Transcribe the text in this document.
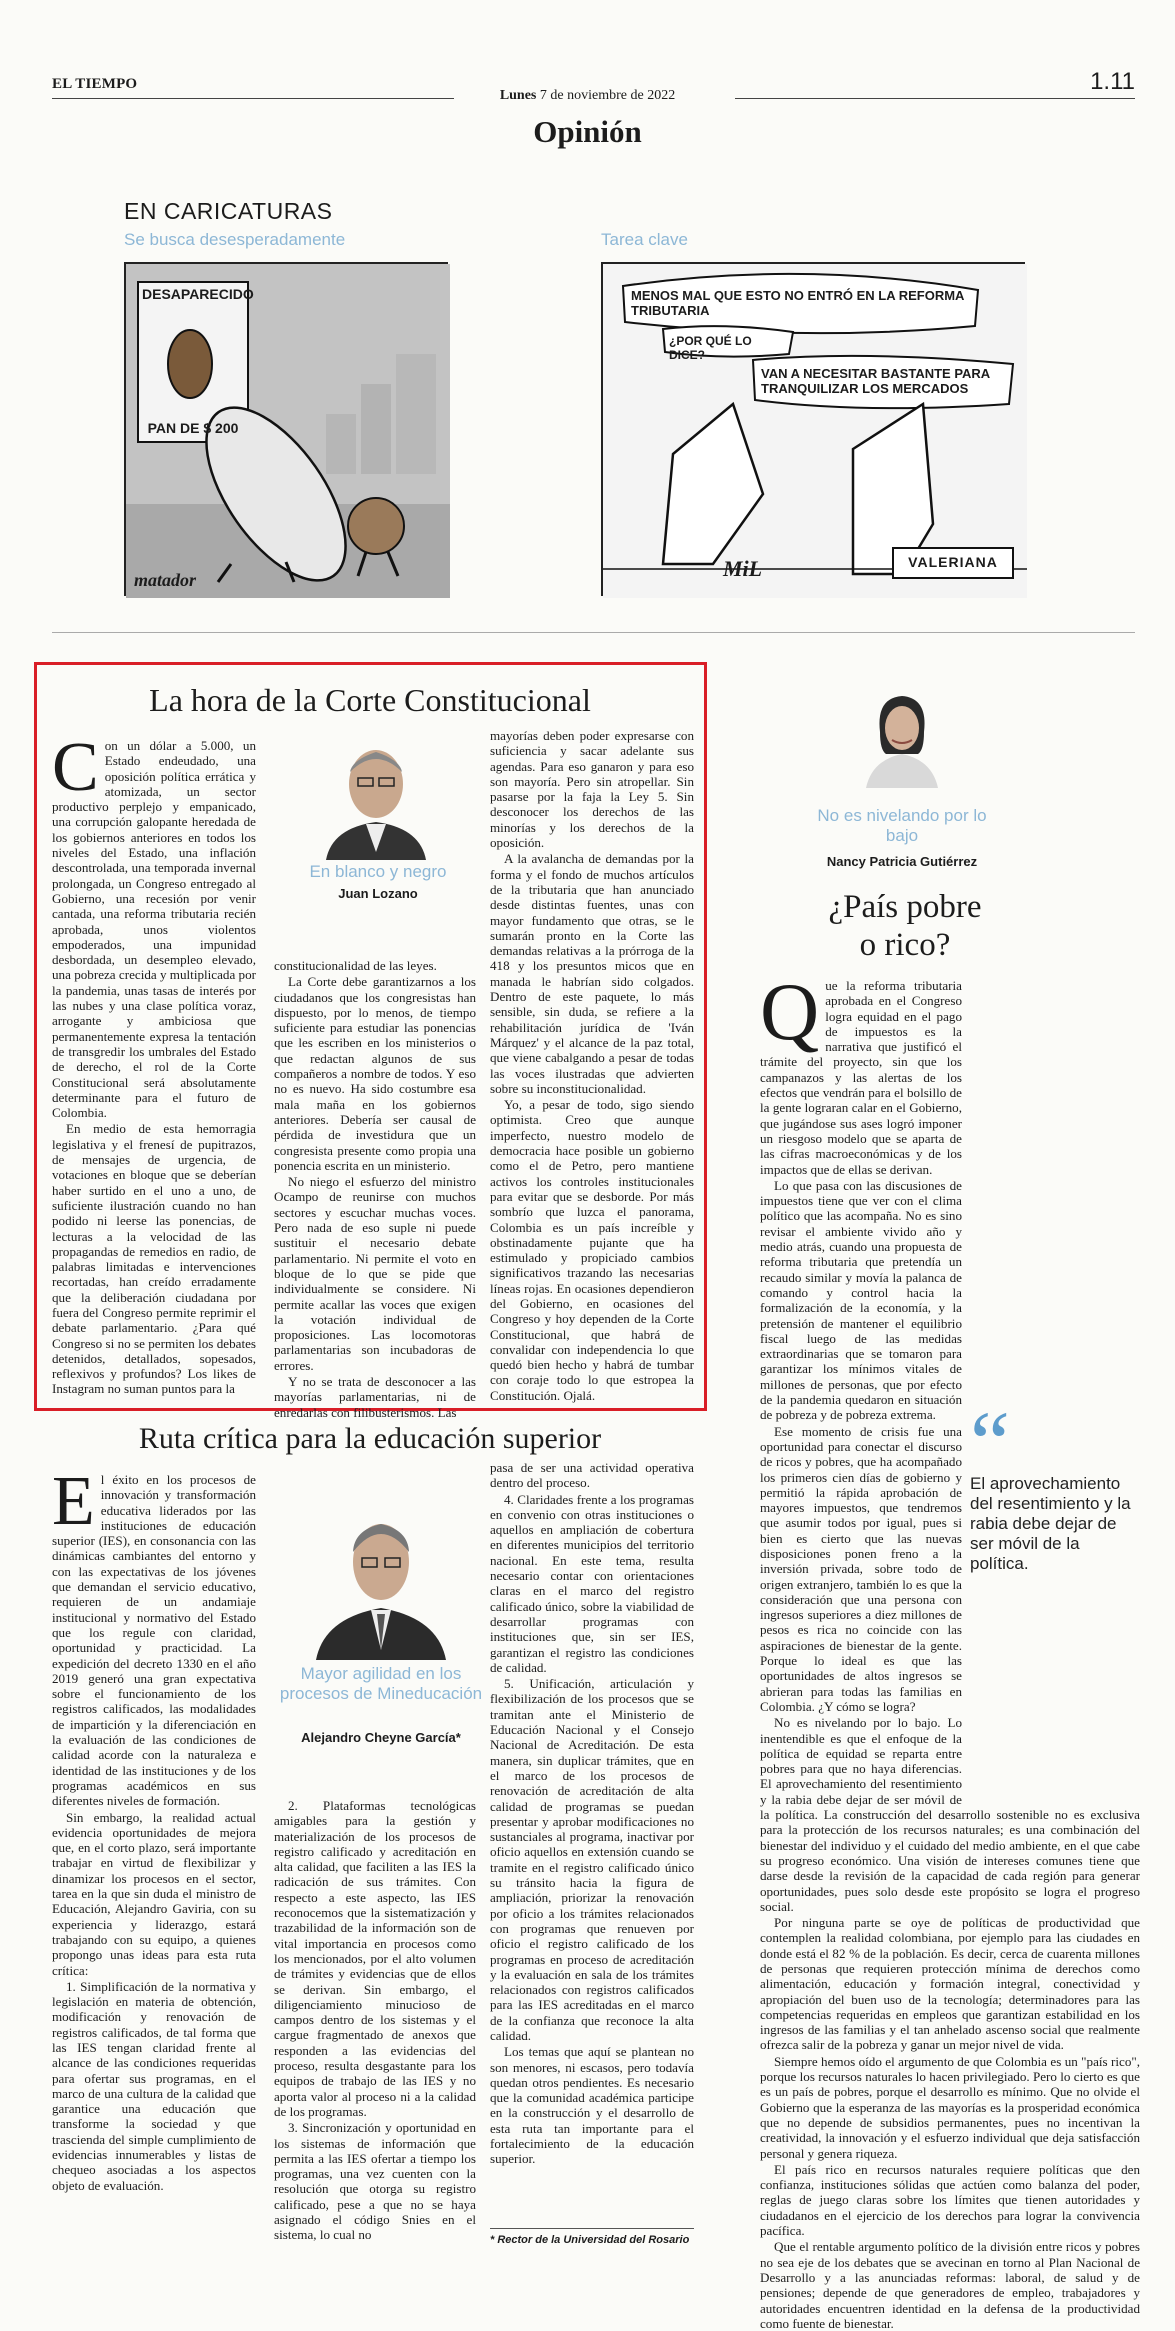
EL TIEMPO	1.11
Lunes 7 de noviembre de 2022
Opinión
EN CARICATURAS
Se busca desesperadamente	Tarea clave
DESAPARECIDO
PAN DE $ 200
matador
MENOS MAL QUE ESTO NO ENTRÓ EN LA REFORMA TRIBUTARIA
¿POR QUÉ LO DICE?
VAN A NECESITAR BASTANTE PARA TRANQUILIZAR LOS MERCADOS
VALERIANA
MiL
La hora de la Corte Constitucional

Con un dólar a 5.000, un Estado endeudado, una oposición política errática y atomizada, un sector productivo perplejo y empanicado, una corrupción galopante heredada de los gobiernos anteriores en todos los niveles del Estado, una inflación descontrolada, una temporada invernal prolongada, un Congreso entregado al Gobierno, una recesión por venir cantada, una reforma tributaria recién aprobada, unos violentos empoderados, una impunidad desbordada, un desempleo elevado, una pobreza crecida y multiplicada por la pandemia, unas tasas de interés por las nubes y una clase política voraz, arrogante y ambiciosa que permanentemente expresa la tentación de transgredir los umbrales del Estado de derecho, el rol de la Corte Constitucional será absolutamente determinante para el futuro de Colombia.

En medio de esta hemorragia legislativa y el frenesí de pupitrazos, de mensajes de urgencia, de votaciones en bloque que se deberían haber surtido en el uno a uno, de suficiente ilustración cuando no han podido ni leerse las ponencias, de lecturas a la velocidad de las propagandas de remedios en radio, de palabras limitadas e intervenciones recortadas, han creído erradamente que la deliberación ciudadana por fuera del Congreso permite reprimir el debate parlamentario. ¿Para qué Congreso si no se permiten los debates detenidos, detallados, sopesados, reflexivos y profundos? Los likes de Instagram no suman puntos para la

En blanco y negro
Juan Lozano

constitucionalidad de las leyes.

La Corte debe garantizarnos a los ciudadanos que los congresistas han dispuesto, por lo menos, de tiempo suficiente para estudiar las ponencias que les escriben en los ministerios o que redactan algunos de sus compañeros a nombre de todos. Y eso no es nuevo. Ha sido costumbre esa mala maña en los gobiernos anteriores. Debería ser causal de pérdida de investidura que un congresista presente como propia una ponencia escrita en un ministerio.

No niego el esfuerzo del ministro Ocampo de reunirse con muchos sectores y escuchar muchas voces. Pero nada de eso suple ni puede sustituir el necesario debate parlamentario. Ni permite el voto en bloque de lo que se pide que individualmente se considere. Ni permite acallar las voces que exigen la votación individual de proposiciones. Las locomotoras parlamentarias son incubadoras de errores.

Y no se trata de desconocer a las mayorías parlamentarias, ni de enredarlas con filibusterismos. Las

mayorías deben poder expresarse con suficiencia y sacar adelante sus agendas. Para eso ganaron y para eso son mayoría. Pero sin atropellar. Sin pasarse por la faja la Ley 5. Sin desconocer los derechos de las minorías y los derechos de la oposición.

A la avalancha de demandas por la forma y el fondo de muchos artículos de la tributaria que han anunciado desde distintas fuentes, unas con mayor fundamento que otras, se le sumarán pronto en la Corte las demandas relativas a la prórroga de la 418 y los presuntos micos que en manada le habrían sido colgados. Dentro de este paquete, lo más sensible, sin duda, se refiere a la rehabilitación jurídica de 'Iván Márquez' y el alcance de la paz total, que viene cabalgando a pesar de todas las voces ilustradas que advierten sobre su inconstitucionalidad.

Yo, a pesar de todo, sigo siendo optimista. Creo que aunque imperfecto, nuestro modelo de democracia hace posible un gobierno como el de Petro, pero mantiene activos los controles institucionales para evitar que se desborde. Por más sombrío que luzca el panorama, Colombia es un país increíble y obstinadamente pujante que ha estimulado y propiciado cambios significativos trazando las necesarias líneas rojas. En ocasiones dependieron del Gobierno, en ocasiones del Congreso y hoy dependen de la Corte Constitucional, que habrá de convalidar con independencia lo que quedó bien hecho y habrá de tumbar con coraje todo lo que estropea la Constitución. Ojalá.

Ruta crítica para la educación superior

El éxito en los procesos de innovación y transformación educativa liderados por las instituciones de educación superior (IES), en consonancia con las dinámicas cambiantes del entorno y con las expectativas de los jóvenes que demandan el servicio educativo, requieren de un andamiaje institucional y normativo del Estado que los regule con claridad, oportunidad y practicidad. La expedición del decreto 1330 en el año 2019 generó una gran expectativa sobre el funcionamiento de los registros calificados, las modalidades de impartición y la diferenciación en la evaluación de las condiciones de calidad acorde con la naturaleza e identidad de las instituciones y de los programas académicos en sus diferentes niveles de formación.

Sin embargo, la realidad actual evidencia oportunidades de mejora que, en el corto plazo, será importante trabajar en virtud de flexibilizar y dinamizar los procesos en el sector, tarea en la que sin duda el ministro de Educación, Alejandro Gaviria, con su experiencia y liderazgo, estará trabajando con su equipo, a quienes propongo unas ideas para esta ruta crítica:

1. Simplificación de la normativa y legislación en materia de obtención, modificación y renovación de registros calificados, de tal forma que las IES tengan claridad frente al alcance de las condiciones requeridas para ofertar sus programas, en el marco de una cultura de la calidad que garantice una educación que transforme la sociedad y que trascienda del simple cumplimiento de evidencias innumerables y listas de chequeo asociadas a los aspectos objeto de evaluación.

Mayor agilidad en los procesos de Mineducación
Alejandro Cheyne García*

2. Plataformas tecnológicas amigables para la gestión y materialización de los procesos de registro calificado y acreditación en alta calidad, que faciliten a las IES la radicación de sus trámites. Con respecto a este aspecto, las IES reconocemos que la sistematización y trazabilidad de la información son de vital importancia en procesos como los mencionados, por el alto volumen de trámites y evidencias que de ellos se derivan. Sin embargo, el diligenciamiento minucioso de campos dentro de los sistemas y el cargue fragmentado de anexos que responden a las evidencias del proceso, resulta desgastante para los equipos de trabajo de las IES y no aporta valor al proceso ni a la calidad de los programas.

3. Sincronización y oportunidad en los sistemas de información que permita a las IES ofertar a tiempo los programas, una vez cuenten con la resolución que otorga su registro calificado, pese a que no se haya asignado el código Snies en el sistema, lo cual no

pasa de ser una actividad operativa dentro del proceso.

4. Claridades frente a los programas en convenio con otras instituciones o aquellos en ampliación de cobertura en diferentes municipios del territorio nacional. En este tema, resulta necesario contar con orientaciones claras en el marco del registro calificado único, sobre la viabilidad de desarrollar programas con instituciones que, sin ser IES, garantizan el registro las condiciones de calidad.

5. Unificación, articulación y flexibilización de los procesos que se tramitan ante el Ministerio de Educación Nacional y el Consejo Nacional de Acreditación. De esta manera, sin duplicar trámites, que en el marco de los procesos de renovación de acreditación de alta calidad de programas se puedan presentar y aprobar modificaciones no sustanciales al programa, inactivar por oficio aquellos en extensión cuando se tramite en el registro calificado único su tránsito hacia la figura de ampliación, priorizar la renovación por oficio a los trámites relacionados con programas que renueven por oficio el registro calificado de los programas en proceso de acreditación y la evaluación en sala de los trámites relacionados con registros calificados para las IES acreditadas en el marco de la confianza que reconoce la alta calidad.

Los temas que aquí se plantean no son menores, ni escasos, pero todavía quedan otros pendientes. Es necesario que la comunidad académica participe en la construcción y el desarrollo de esta ruta tan importante para el fortalecimiento de la educación superior.

* Rector de la Universidad del Rosario
No es nivelando por lo bajo
Nancy Patricia Gutiérrez
¿País pobre
o rico?
“
El aprovechamiento del resentimiento y la rabia debe dejar de ser móvil de la política.

Que la reforma tributaria aprobada en el Congreso logra equidad en el pago de impuestos es la narrativa que justificó el trámite del proyecto, sin que los campanazos y las alertas de los efectos que vendrán para el bolsillo de la gente lograran calar en el Gobierno, que jugándose sus ases logró imponer un riesgoso modelo que se aparta de las cifras macroeconómicas y de los impactos que de ellas se derivan.

Lo que pasa con las discusiones de impuestos tiene que ver con el clima político que las acompaña. No es sino revisar el ambiente vivido año y medio atrás, cuando una propuesta de reforma tributaria que pretendía un recaudo similar y movía la palanca de comando y control hacia la formalización de la economía, y la pretensión de mantener el equilibrio fiscal luego de las medidas extraordinarias que se tomaron para garantizar los mínimos vitales de millones de personas, que por efecto de la pandemia quedaron en situación de pobreza y de pobreza extrema.

Ese momento de crisis fue una oportunidad para conectar el discurso de ricos y pobres, que ha acompañado los primeros cien días de gobierno y permitió la rápida aprobación de mayores impuestos, que tendremos que asumir todos por igual, pues si bien es cierto que las nuevas disposiciones ponen freno a la inversión privada, sobre todo de origen extranjero, también lo es que la consideración que una persona con ingresos superiores a diez millones de pesos es rica no coincide con las aspiraciones de bienestar de la gente. Porque lo ideal es que las oportunidades de altos ingresos se abrieran para todas las familias en Colombia. ¿Y cómo se logra?

No es nivelando por lo bajo. Lo inentendible es que el enfoque de la política de equidad se reparta entre pobres para que no haya diferencias. El aprovechamiento del resentimiento y la rabia debe dejar de ser móvil de la política. La construcción del desarrollo sostenible no es exclusiva para la protección de los recursos naturales; es una combinación del bienestar del individuo y el cuidado del medio ambiente, en el que cabe su progreso económico. Una visión de intereses comunes tiene que darse desde la revisión de la capacidad de cada región para generar oportunidades, pues solo desde este propósito se logra el progreso social.

Por ninguna parte se oye de políticas de productividad que contemplen la realidad colombiana, por ejemplo para las ciudades en donde está el 82 % de la población. Es decir, cerca de cuarenta millones de personas que requieren protección mínima de derechos como alimentación, educación y formación integral, conectividad y apropiación del buen uso de la tecnología; determinadores para las competencias requeridas en empleos que garantizan estabilidad en los ingresos de las familias y el tan anhelado ascenso social que realmente ofrezca salir de la pobreza y ganar un mejor nivel de vida.

Siempre hemos oído el argumento de que Colombia es un "país rico", porque los recursos naturales lo hacen privilegiado. Pero lo cierto es que es un país de pobres, porque el desarrollo es mínimo. Que no olvide el Gobierno que la esperanza de las mayorías es la prosperidad económica que no depende de subsidios permanentes, pues no incentivan la creatividad, la innovación y el esfuerzo individual que deja satisfacción personal y genera riqueza.

El país rico en recursos naturales requiere políticas que den confianza, instituciones sólidas que actúen como balanza del poder, reglas de juego claras sobre los límites que tienen autoridades y ciudadanos en el ejercicio de los derechos para lograr la convivencia pacífica.

Que el rentable argumento político de la división entre ricos y pobres no sea eje de los debates que se avecinan en torno al Plan Nacional de Desarrollo y a las anunciadas reformas: laboral, de salud y de pensiones; depende de que generadores de empleo, trabajadores y autoridades encuentren identidad en la defensa de la productividad como fuente de bienestar.
